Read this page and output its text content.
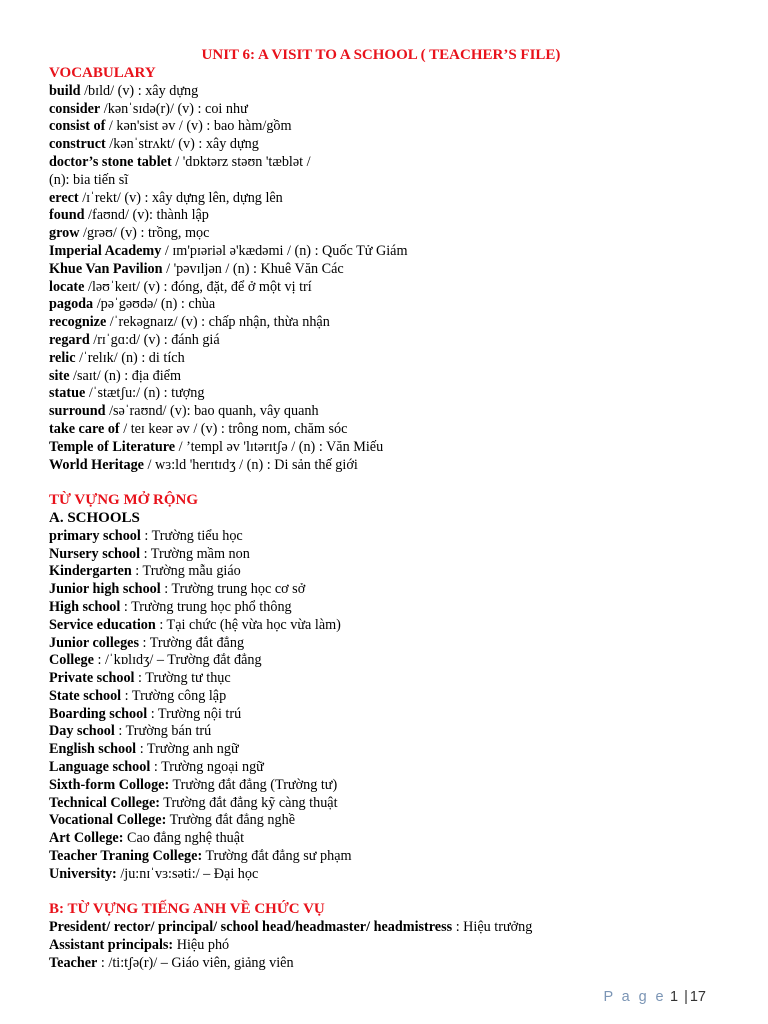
UNIT 6: A VISIT TO A SCHOOL ( TEACHER’S FILE)
VOCABULARY
build /bɪld/ (v) : xây dựng
consider /kənˈsɪdə(r)/ (v) : coi như
consist of / kən'sist əv / (v) : bao hàm/gồm
construct /kənˈstrʌkt/ (v) : xây dựng
doctor’s stone tablet / 'dɒktərz stəʊn 'tæblət /
(n): bia tiến sĩ
erect /ɪˈrekt/ (v) : xây dựng lên, dựng lên
found /faʊnd/ (v): thành lập
grow /grəʊ/ (v) : trồng, mọc
Imperial Academy / ɪm'pɪəriəl ə'kædəmi / (n) : Quốc Tử Giám
Khue Van Pavilion / 'pəvɪljən / (n) : Khuê Văn Các
locate /ləʊˈkeɪt/ (v) : đóng, đặt, để ở một vị trí
pagoda /pəˈgəʊdə/ (n) : chùa
recognize /ˈrekəgnaɪz/ (v) : chấp nhận, thừa nhận
regard /rɪˈgɑ:d/ (v) : đánh giá
relic /ˈrelɪk/ (n) : di tích
site /saɪt/ (n) : địa điểm
statue /ˈstætʃu:/ (n) : tượng
surround /səˈraʊnd/ (v): bao quanh, vây quanh
take care of / teɪ keər əv / (v) : trông nom, chăm sóc
Temple of Literature / ’templ əv 'lɪtərɪtʃə / (n) : Văn Miếu
World Heritage / wɜ:ld 'herɪtɪdʒ / (n) : Di sản thế giới
TỪ VỰNG MỞ RỘNG
A. SCHOOLS
primary school : Trường tiểu học
Nursery school : Trường mầm non
Kindergarten : Trường mẫu giáo
Junior high school : Trường trung học cơ sở
High school : Trường trung học phổ thông
Service education : Tại chức (hệ vừa học vừa làm)
Junior colleges : Trường đắt đẳng
College : /ˈkɒlɪdʒ/ – Trường đắt đẳng
Private school : Trường tư thục
State school : Trường công lập
Boarding school : Trường nội trú
Day school : Trường bán trú
English school : Trường anh ngữ
Language school : Trường ngoại ngữ
Sixth-form Colloge: Trường đắt đẳng (Trường tư)
Technical College: Trường đắt đẳng kỹ càng thuật
Vocational College: Trường đắt đẳng nghề
Art College: Cao đẳng nghệ thuật
Teacher Traning College: Trường đắt đẳng sư phạm
University: /ju:nɪˈvɜ:səti:/ – Đại học
B: TỪ VỰNG TIẾNG ANH VỀ CHỨC VỤ
President/ rector/ principal/ school head/headmaster/ headmistress : Hiệu trưởng
Assistant principals: Hiệu phó
Teacher : /ti:tʃə(r)/ – Giáo viên, giảng viên
P a g e 1 | 17
